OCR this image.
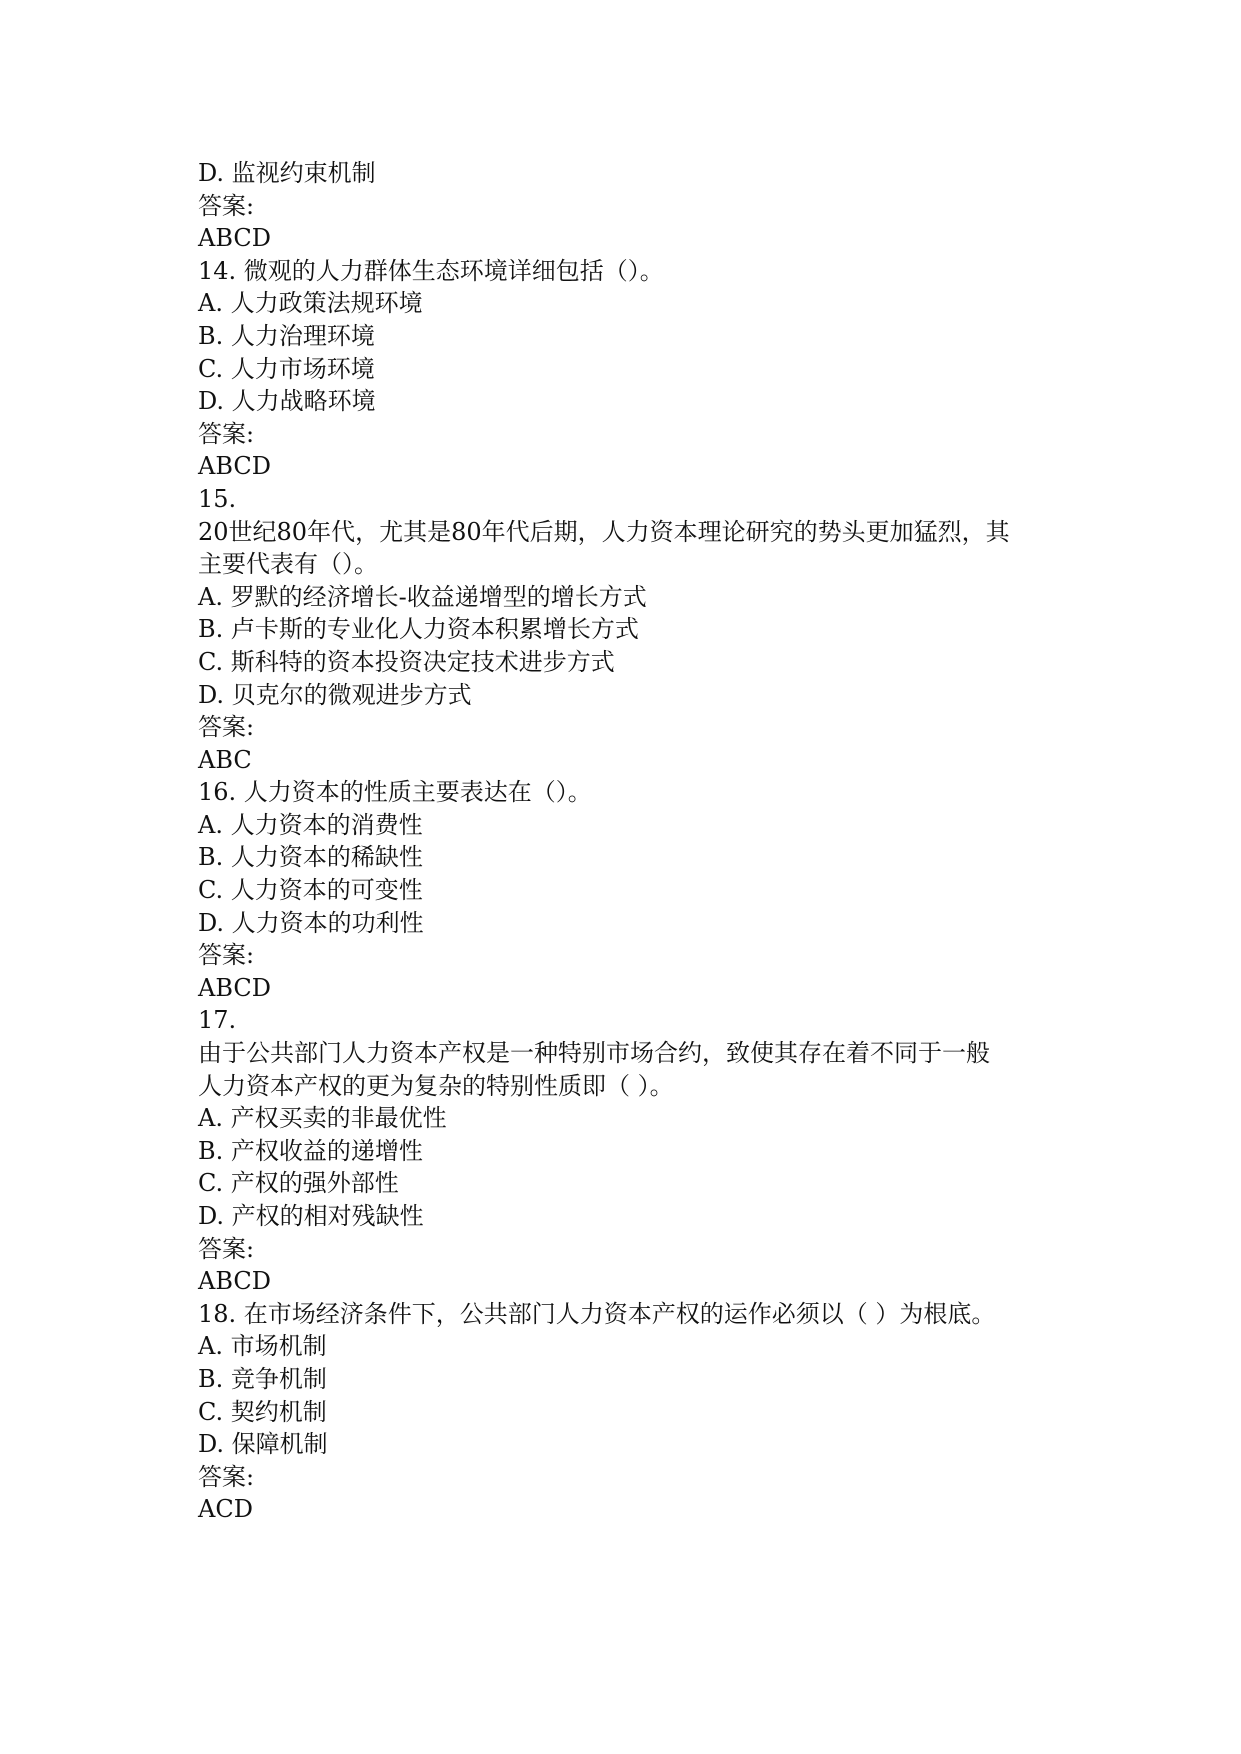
D. 监视约束机制
答案:
ABCD
14. 微观的人力群体生态环境详细包括（）。
A. 人力政策法规环境
B. 人力治理环境
C. 人力市场环境
D. 人力战略环境
答案:
ABCD
15.
20世纪80年代，尤其是80年代后期，人力资本理论研究的势头更加猛烈，其
主要代表有（）。
A. 罗默的经济增长-收益递增型的增长方式
B. 卢卡斯的专业化人力资本积累增长方式
C. 斯科特的资本投资决定技术进步方式
D. 贝克尔的微观进步方式
答案:
ABC
16. 人力资本的性质主要表达在（）。
A. 人力资本的消费性
B. 人力资本的稀缺性
C. 人力资本的可变性
D. 人力资本的功利性
答案:
ABCD
17.
由于公共部门人力资本产权是一种特别市场合约，致使其存在着不同于一般
人力资本产权的更为复杂的特别性质即（ ）。
A. 产权买卖的非最优性
B. 产权收益的递增性
C. 产权的强外部性
D. 产权的相对残缺性
答案:
ABCD
18. 在市场经济条件下，公共部门人力资本产权的运作必须以（ ）为根底。
A. 市场机制
B. 竞争机制
C. 契约机制
D. 保障机制
答案:
ACD
